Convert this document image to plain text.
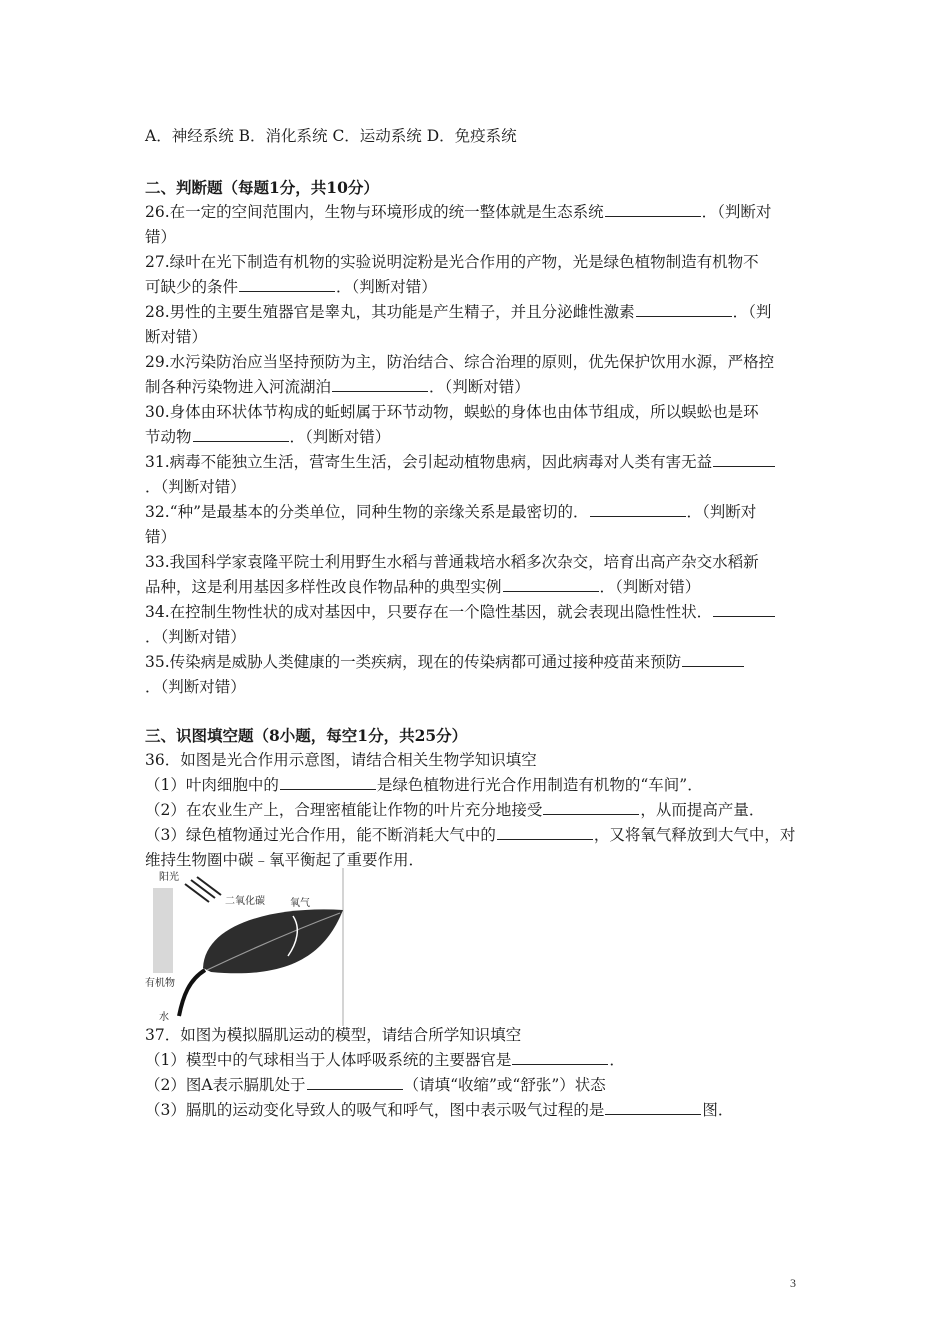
A．神经系统 B．消化系统 C．运动系统 D．免疫系统
二、判断题（每题1分，共10分）
26.在一定的空间范围内，生物与环境形成的统一整体就是生态系统	．（判断对
错）
27.绿叶在光下制造有机物的实验说明淀粉是光合作用的产物，光是绿色植物制造有机物不
可缺少的条件	．（判断对错）
28.男性的主要生殖器官是睾丸，其功能是产生精子，并且分泌雌性激素	．（判
断对错）
29.水污染防治应当坚持预防为主，防治结合、综合治理的原则，优先保护饮用水源，严格控
制各种污染物进入河流湖泊	．（判断对错）
30.身体由环状体节构成的蚯蚓属于环节动物，蜈蚣的身体也由体节组成，所以蜈蚣也是环
节动物	．（判断对错）
31.病毒不能独立生活，营寄生生活，会引起动植物患病，因此病毒对人类有害无益
．（判断对错）
32.“种”是最基本的分类单位，同种生物的亲缘关系是最密切的．	．（判断对
错）
33.我国科学家袁隆平院士利用野生水稻与普通栽培水稻多次杂交，培育出高产杂交水稻新
品种，这是利用基因多样性改良作物品种的典型实例	．（判断对错）
34.在控制生物性状的成对基因中，只要存在一个隐性基因，就会表现出隐性性状．
．（判断对错）
35.传染病是威胁人类健康的一类疾病，现在的传染病都可通过接种疫苗来预防
．（判断对错）
三、识图填空题（8小题，每空1分，共25分）
36．如图是光合作用示意图，请结合相关生物学知识填空
（1）叶肉细胞中的	是绿色植物进行光合作用制造有机物的“车间”．
（2）在农业生产上，合理密植能让作物的叶片充分地接受	，从而提高产量．
（3）绿色植物通过光合作用，能不断消耗大气中的	，又将氧气释放到大气中，对
维持生物圈中碳﹣氧平衡起了重要作用．
阳光
二氧化碳	氧气
有机物
水
37．如图为模拟膈肌运动的模型，请结合所学知识填空
（1）模型中的气球相当于人体呼吸系统的主要器官是	．
（2）图A表示膈肌处于	（请填“收缩”或“舒张”）状态
（3）膈肌的运动变化导致人的吸气和呼气，图中表示吸气过程的是	图．
3
